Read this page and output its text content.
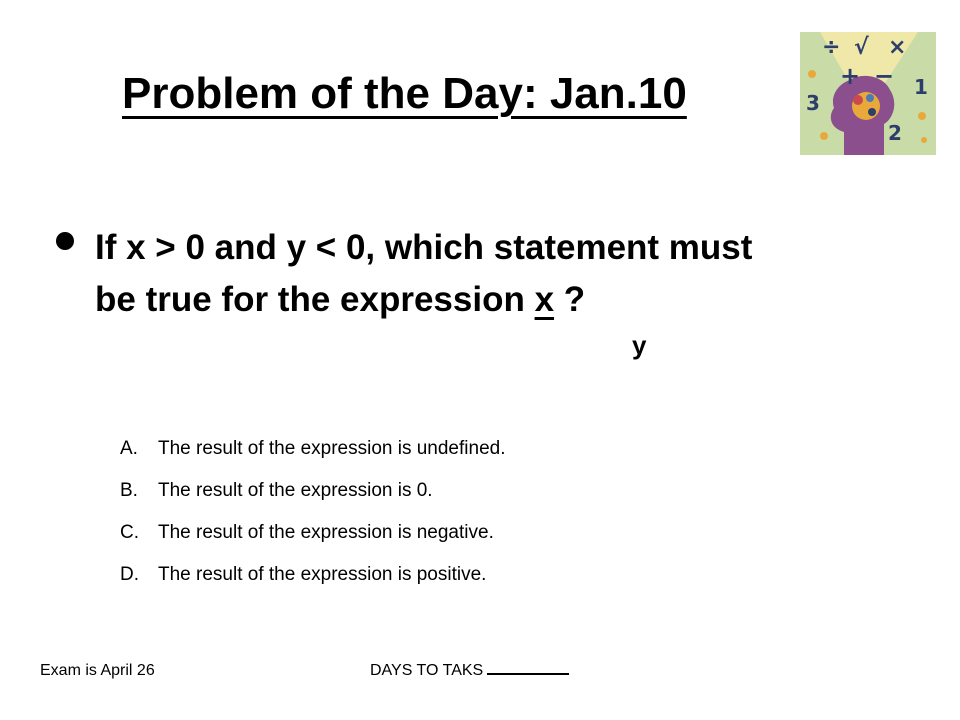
Problem of the Day: Jan.10
÷ √ ×
+ −
3
1
2
If x > 0 and y < 0, which statement must
be true for the expression x ?
y
A. The result of the expression is undefined.
B. The result of the expression is 0.
C. The result of the expression is negative.
D. The result of the expression is positive.
Exam is April 26	DAYS TO TAKS
